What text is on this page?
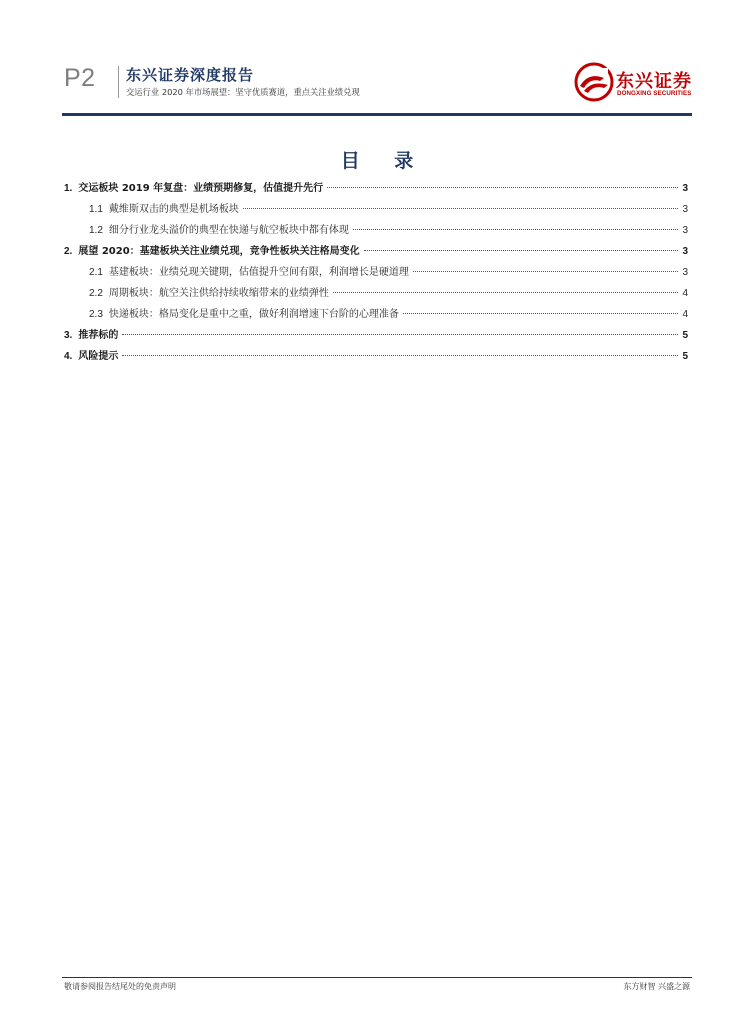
P2 东兴证券深度报告
交运行业 2020 年市场展望：坚守优质赛道，重点关注业绩兑现	东兴证券
DONGXING SECURITIES
目 录
1. 交运板块 2019 年复盘：业绩预期修复，估值提升先行	3
1.1 戴维斯双击的典型是机场板块	3
1.2 细分行业龙头溢价的典型在快递与航空板块中都有体现	3
2. 展望 2020：基建板块关注业绩兑现，竞争性板块关注格局变化	3
2.1 基建板块：业绩兑现关键期，估值提升空间有限，利润增长是硬道理	3
2.2 周期板块：航空关注供给持续收缩带来的业绩弹性	4
2.3 快递板块：格局变化是重中之重，做好利润增速下台阶的心理准备	4
3. 推荐标的	5
4. 风险提示	5
敬请参阅报告结尾处的免责声明	东方财智 兴盛之源
